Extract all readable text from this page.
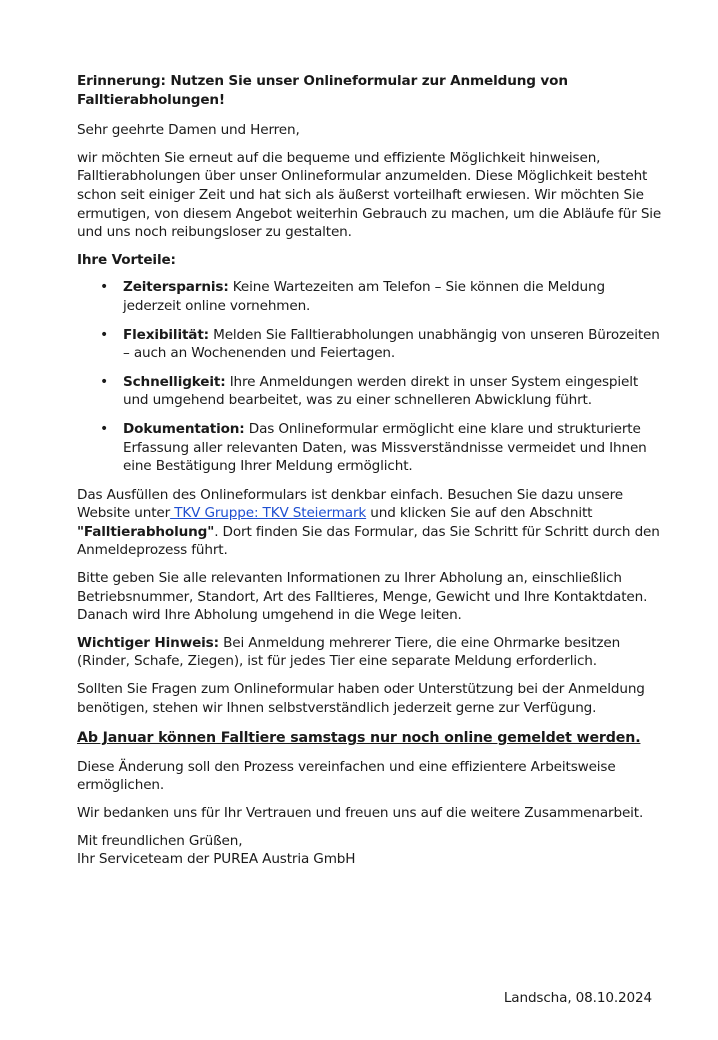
Erinnerung: Nutzen Sie unser Onlineformular zur Anmeldung von Falltierabholungen!

Sehr geehrte Damen und Herren,

wir möchten Sie erneut auf die bequeme und effiziente Möglichkeit hinweisen, Falltierabholungen über unser Onlineformular anzumelden. Diese Möglichkeit besteht schon seit einiger Zeit und hat sich als äußerst vorteilhaft erwiesen. Wir möchten Sie ermutigen, von diesem Angebot weiterhin Gebrauch zu machen, um die Abläufe für Sie und uns noch reibungsloser zu gestalten.

Ihre Vorteile:
• Zeitersparnis: Keine Wartezeiten am Telefon – Sie können die Meldung jederzeit online vornehmen.
• Flexibilität: Melden Sie Falltierabholungen unabhängig von unseren Bürozeiten – auch an Wochenenden und Feiertagen.
• Schnelligkeit: Ihre Anmeldungen werden direkt in unser System eingespielt und umgehend bearbeitet, was zu einer schnelleren Abwicklung führt.
• Dokumentation: Das Onlineformular ermöglicht eine klare und strukturierte Erfassung aller relevanten Daten, was Missverständnisse vermeidet und Ihnen eine Bestätigung Ihrer Meldung ermöglicht.

Das Ausfüllen des Onlineformulars ist denkbar einfach. Besuchen Sie dazu unsere Website unter TKV Gruppe: TKV Steiermark und klicken Sie auf den Abschnitt "Falltierabholung". Dort finden Sie das Formular, das Sie Schritt für Schritt durch den Anmeldeprozess führt.

Bitte geben Sie alle relevanten Informationen zu Ihrer Abholung an, einschließlich Betriebsnummer, Standort, Art des Falltieres, Menge, Gewicht und Ihre Kontaktdaten. Danach wird Ihre Abholung umgehend in die Wege leiten.

Wichtiger Hinweis: Bei Anmeldung mehrerer Tiere, die eine Ohrmarke besitzen (Rinder, Schafe, Ziegen), ist für jedes Tier eine separate Meldung erforderlich.

Sollten Sie Fragen zum Onlineformular haben oder Unterstützung bei der Anmeldung benötigen, stehen wir Ihnen selbstverständlich jederzeit gerne zur Verfügung.

Ab Januar können Falltiere samstags nur noch online gemeldet werden.

Diese Änderung soll den Prozess vereinfachen und eine effizientere Arbeitsweise ermöglichen.

Wir bedanken uns für Ihr Vertrauen und freuen uns auf die weitere Zusammenarbeit.

Mit freundlichen Grüßen,

Ihr Serviceteam der PUREA Austria GmbH

Landscha, 08.10.2024
